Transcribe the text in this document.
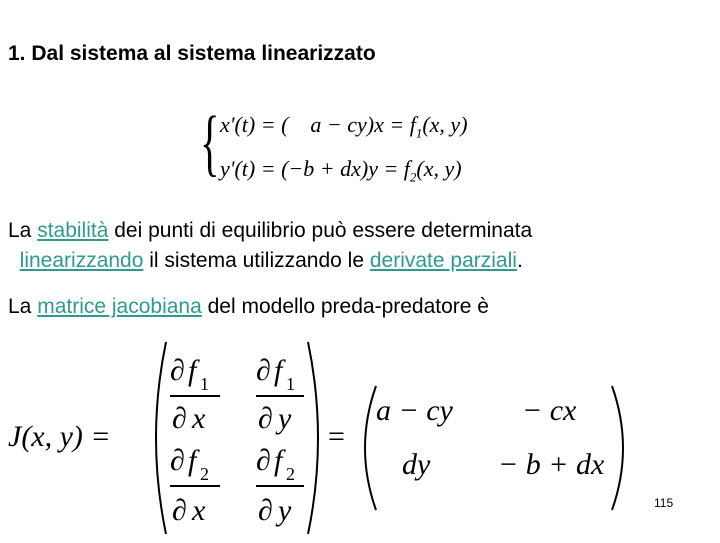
1. Dal sistema al sistema linearizzato
{ x'(t) = ( $a - cy)x = f_1(x$, y)
$y'(t) = (-b + dx)y = f_2(x$, y)
La stabilità dei punti di equilibrio può essere determinata
linearizzando il sistema utilizzando le derivate parziali.
La matrice jacobiana del modello preda-predatore è
J(x, y) =
∂ f 1
∂ x
∂ f 1
∂ y
∂ f 2
∂ x
∂ f 2
∂ y
=
a − cy − cx
dy − b + dx
115
